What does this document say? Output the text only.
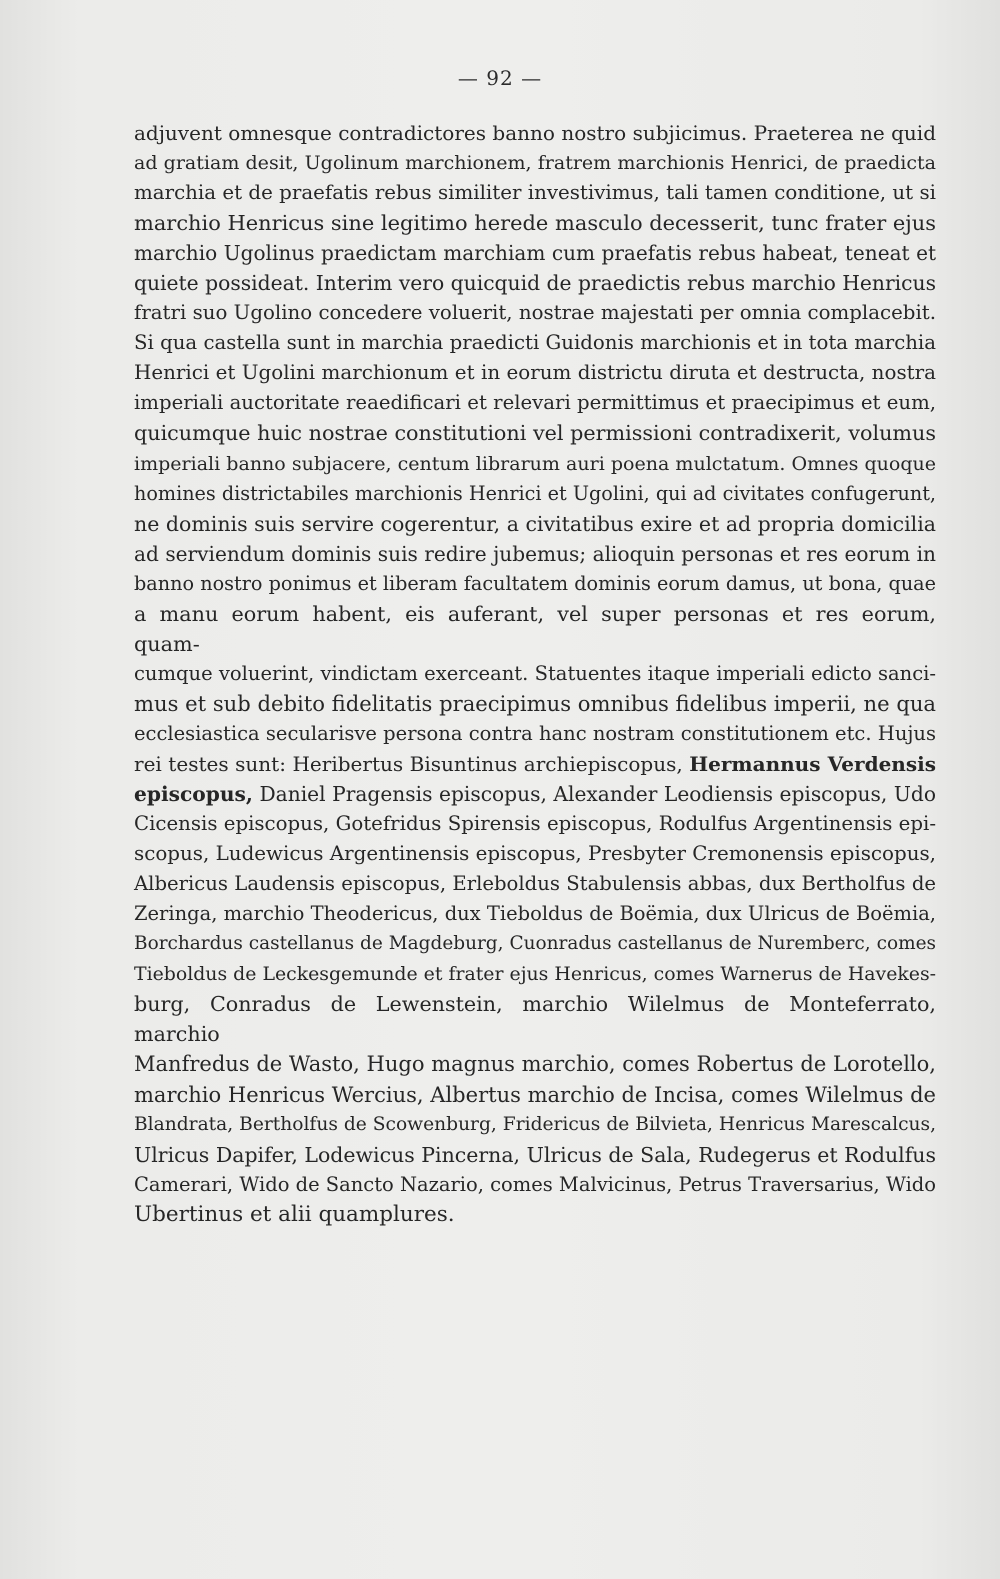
— 92 —
adjuvent omnesque contradictores banno nostro subjicimus. Praeterea ne quid
ad gratiam desit, Ugolinum marchionem, fratrem marchionis Henrici, de praedicta
marchia et de praefatis rebus similiter investivimus, tali tamen conditione, ut si
marchio Henricus sine legitimo herede masculo decesserit, tunc frater ejus
marchio Ugolinus praedictam marchiam cum praefatis rebus habeat, teneat et
quiete possideat. Interim vero quicquid de praedictis rebus marchio Henricus
fratri suo Ugolino concedere voluerit, nostrae majestati per omnia complacebit.
Si qua castella sunt in marchia praedicti Guidonis marchionis et in tota marchia
Henrici et Ugolini marchionum et in eorum districtu diruta et destructa, nostra
imperiali auctoritate reaedificari et relevari permittimus et praecipimus et eum,
quicumque huic nostrae constitutioni vel permissioni contradixerit, volumus
imperiali banno subjacere, centum librarum auri poena mulctatum. Omnes quoque
homines districtabiles marchionis Henrici et Ugolini, qui ad civitates confugerunt,
ne dominis suis servire cogerentur, a civitatibus exire et ad propria domicilia
ad serviendum dominis suis redire jubemus; alioquin personas et res eorum in
banno nostro ponimus et liberam facultatem dominis eorum damus, ut bona, quae
a manu eorum habent, eis auferant, vel super personas et res eorum, quam-
cumque voluerint, vindictam exerceant. Statuentes itaque imperiali edicto sanci-
mus et sub debito fidelitatis praecipimus omnibus fidelibus imperii, ne qua
ecclesiastica secularisve persona contra hanc nostram constitutionem etc. Hujus
rei testes sunt: Heribertus Bisuntinus archiepiscopus, Hermannus Verdensis
episcopus, Daniel Pragensis episcopus, Alexander Leodiensis episcopus, Udo
Cicensis episcopus, Gotefridus Spirensis episcopus, Rodulfus Argentinensis epi-
scopus, Ludewicus Argentinensis episcopus, Presbyter Cremonensis episcopus,
Albericus Laudensis episcopus, Erleboldus Stabulensis abbas, dux Bertholfus de
Zeringa, marchio Theodericus, dux Tieboldus de Boëmia, dux Ulricus de Boëmia,
Borchardus castellanus de Magdeburg, Cuonradus castellanus de Nuremberc, comes
Tieboldus de Leckesgemunde et frater ejus Henricus, comes Warnerus de Havekes-
burg, Conradus de Lewenstein, marchio Wilelmus de Monteferrato, marchio
Manfredus de Wasto, Hugo magnus marchio, comes Robertus de Lorotello,
marchio Henricus Wercius, Albertus marchio de Incisa, comes Wilelmus de
Blandrata, Bertholfus de Scowenburg, Fridericus de Bilvieta, Henricus Marescalcus,
Ulricus Dapifer, Lodewicus Pincerna, Ulricus de Sala, Rudegerus et Rodulfus
Camerari, Wido de Sancto Nazario, comes Malvicinus, Petrus Traversarius, Wido
Ubertinus et alii quamplures.
